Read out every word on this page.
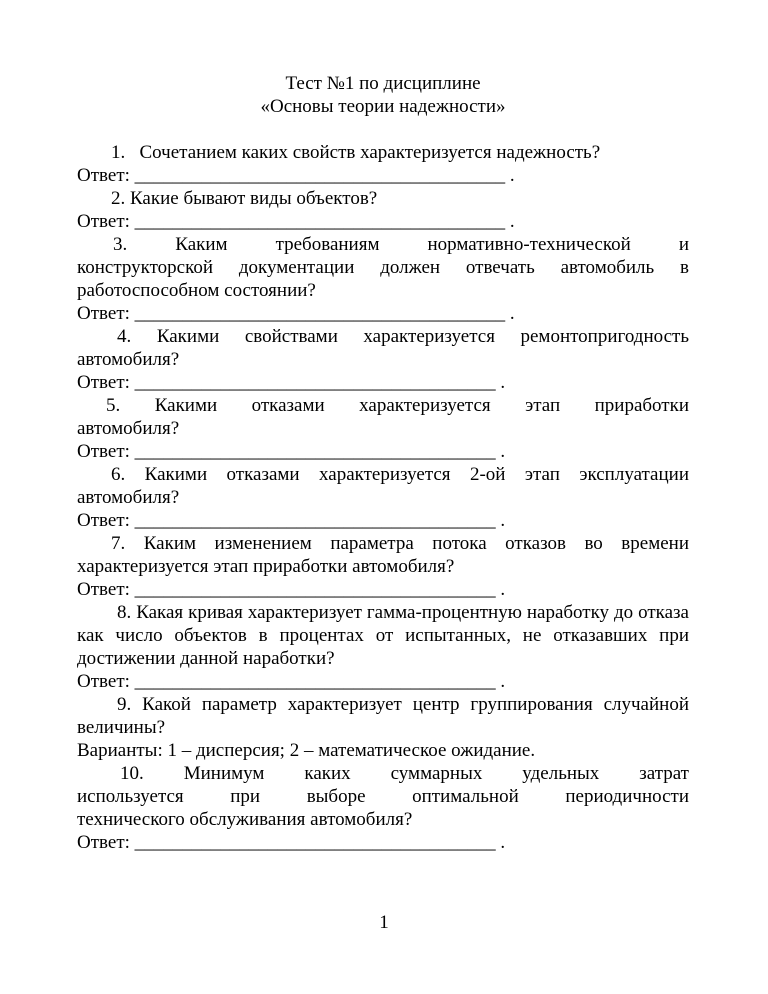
Тест №1 по дисциплине
«Основы теории надежности»
1. Сочетанием каких свойств характеризуется надежность?
Ответ: _______________________________________ .
2. Какие бывают виды объектов?
Ответ: _______________________________________ .
3. Каким требованиям нормативно-технической и
конструкторской документации должен отвечать автомобиль в работоспособном состоянии?
Ответ: _______________________________________ .
4. Какими свойствами характеризуется ремонтопригодность автомобиля?
Ответ: ______________________________________ .
5. Какими отказами характеризуется этап приработки
автомобиля?
Ответ: ______________________________________ .
6. Какими отказами характеризуется 2-ой этап эксплуатации автомобиля?
Ответ: ______________________________________ .
7. Каким изменением параметра потока отказов во времени характеризуется этап приработки автомобиля?
Ответ: ______________________________________ .
8. Какая кривая характеризует гамма-процентную наработку до отказа как число объектов в процентах от испытанных, не отказавших при достижении данной наработки?
Ответ: ______________________________________ .
9. Какой параметр характеризует центр группирования случайной величины?
Варианты: 1 – дисперсия; 2 – математическое ожидание.
10. Минимум каких суммарных удельных затрат
используется при выборе оптимальной периодичности
технического обслуживания автомобиля?
Ответ: ______________________________________ .
1
